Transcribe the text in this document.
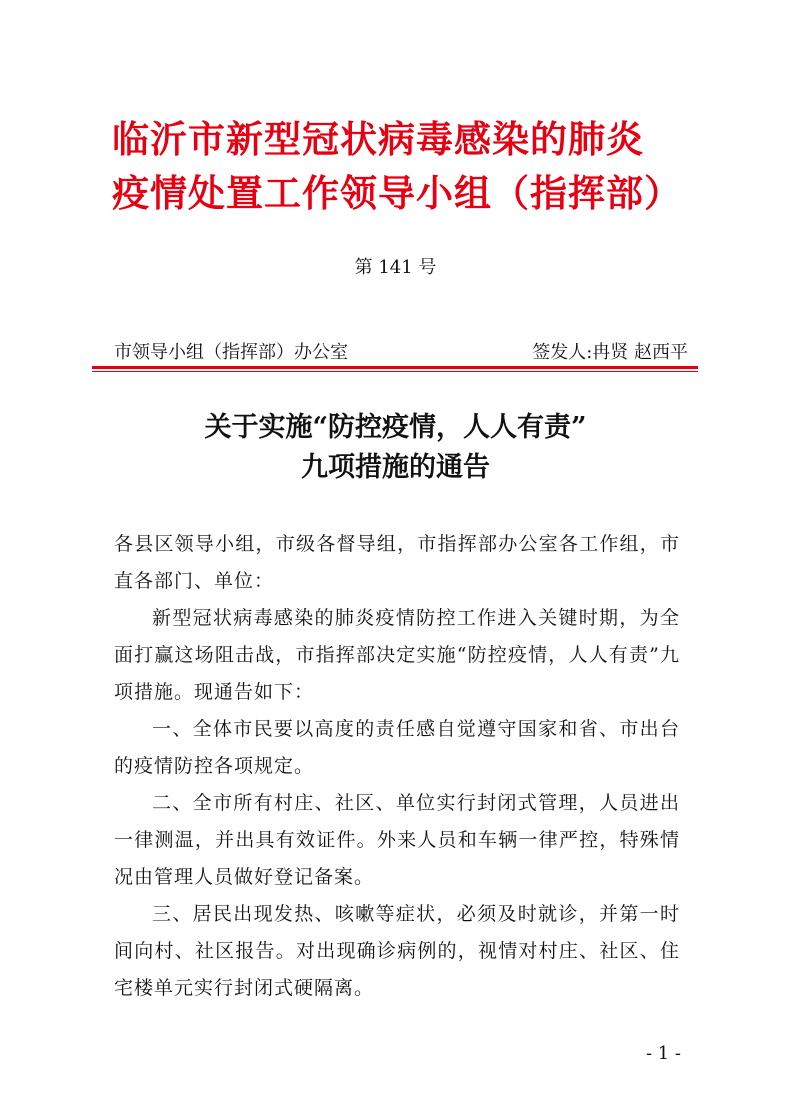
临沂市新型冠状病毒感染的肺炎
疫情处置工作领导小组（指挥部）
第 141 号
市领导小组（指挥部）办公室	签发人:冉贤 赵西平
关于实施“防控疫情，人人有责”
九项措施的通告

各县区领导小组，市级各督导组，市指挥部办公室各工作组，市直各部门、单位：

新型冠状病毒感染的肺炎疫情防控工作进入关键时期，为全面打赢这场阻击战，市指挥部决定实施“防控疫情，人人有责”九项措施。现通告如下：

一、全体市民要以高度的责任感自觉遵守国家和省、市出台的疫情防控各项规定。

二、全市所有村庄、社区、单位实行封闭式管理，人员进出一律测温，并出具有效证件。外来人员和车辆一律严控，特殊情况由管理人员做好登记备案。

三、居民出现发热、咳嗽等症状，必须及时就诊，并第一时间向村、社区报告。对出现确诊病例的，视情对村庄、社区、住宅楼单元实行封闭式硬隔离。

- 1 -
